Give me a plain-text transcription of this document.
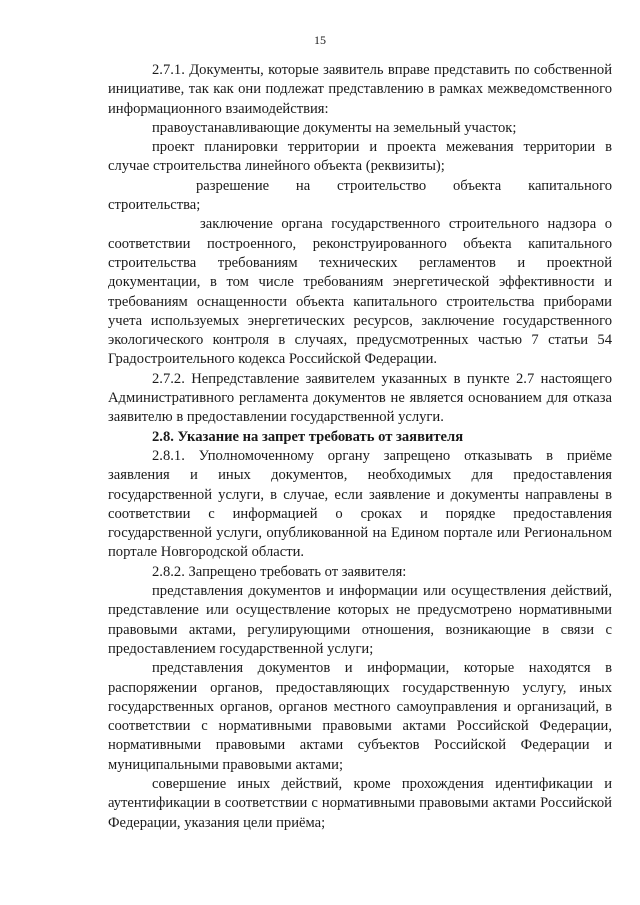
15

2.7.1. Документы, которые заявитель вправе представить по собственной инициативе, так как они подлежат представлению в рамках межведомственного информационного взаимодействия:

правоустанавливающие документы на земельный участок;

проект планировки территории и проекта межевания территории в случае строительства линейного объекта (реквизиты);

разрешение на строительство объекта капитального

строительства;

заключение органа государственного строительного надзора о соответствии построенного, реконструированного объекта капитального строительства требованиям технических регламентов и проектной документации, в том числе требованиям энергетической эффективности и требованиям оснащенности объекта капитального строительства приборами учета используемых энергетических ресурсов, заключение государственного экологического контроля в случаях, предусмотренных частью 7 статьи 54 Градостроительного кодекса Российской Федерации.

2.7.2. Непредставление заявителем указанных в пункте 2.7 настоящего Административного регламента документов не является основанием для отказа заявителю в предоставлении государственной услуги.

2.8. Указание на запрет требовать от заявителя

2.8.1. Уполномоченному органу запрещено отказывать в приёме заявления и иных документов, необходимых для предоставления государственной услуги, в случае, если заявление и документы направлены в соответствии с информацией о сроках и порядке предоставления государственной услуги, опубликованной на Едином портале или Региональном портале Новгородской области.

2.8.2. Запрещено требовать от заявителя:

представления документов и информации или осуществления действий, представление или осуществление которых не предусмотрено нормативными правовыми актами, регулирующими отношения, возникающие в связи с предоставлением государственной услуги;

представления документов и информации, которые находятся в распоряжении органов, предоставляющих государственную услугу, иных государственных органов, органов местного самоуправления и организаций, в соответствии с нормативными правовыми актами Российской Федерации, нормативными правовыми актами субъектов Российской Федерации и муниципальными правовыми актами;

совершение иных действий, кроме прохождения идентификации и аутентификации в соответствии с нормативными правовыми актами Российской Федерации, указания цели приёма;
